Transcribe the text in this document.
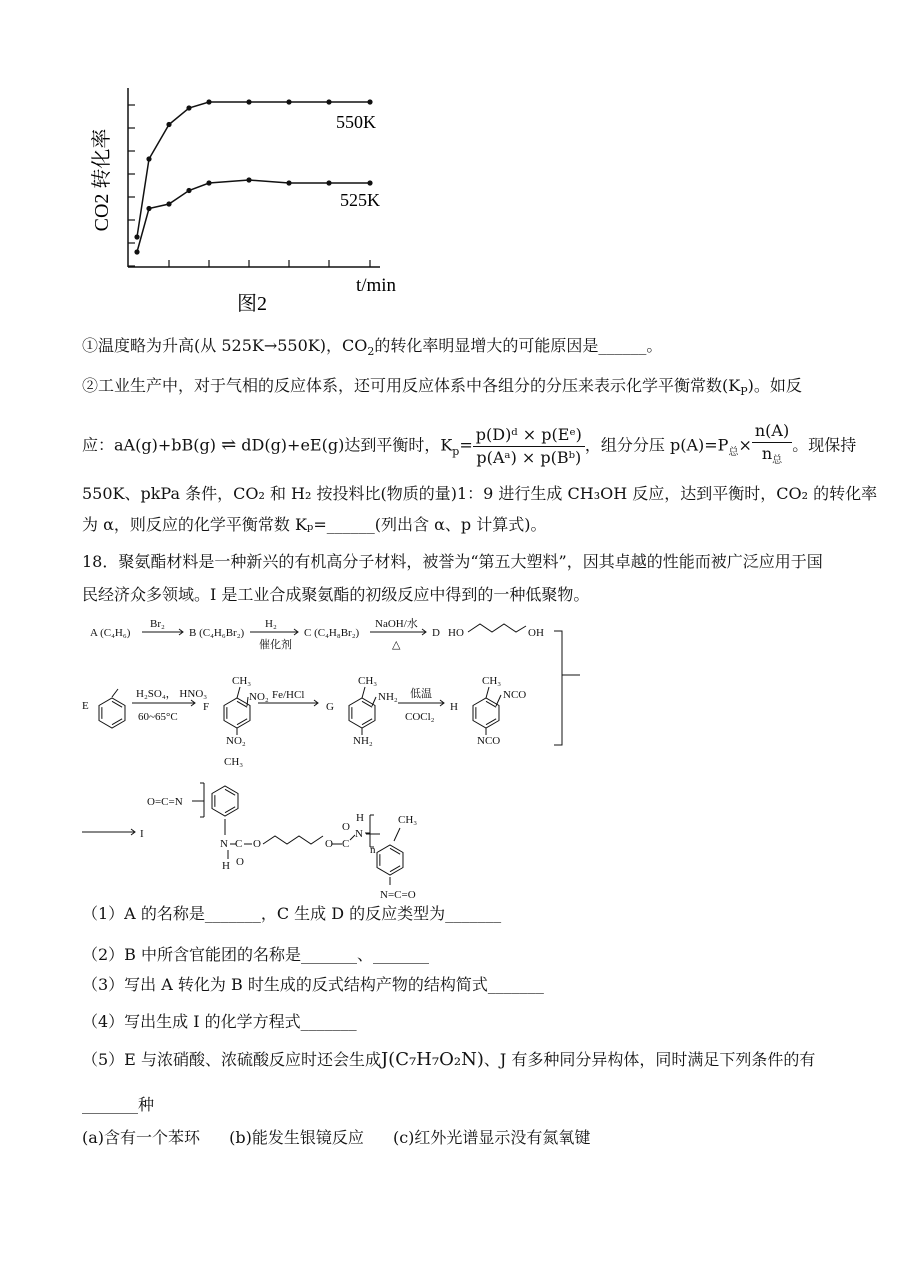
550K
525K
CO2 转化率
t/min
图2
①温度略为升高(从 525K→550K)，$CO_2$的转化率明显增大的可能原因是______。
②工业生产中，对于气相的反应体系，还可用反应体系中各组分的分压来表示化学平衡常数$(K_P)$。如反
应：aA(g)+bB(g) ⇌ dD(g)+eE(g)达到平衡时，$K_p= \frac{\text{p(D)ᵈ × p(Eᵉ)}}{\text{p(Aᵃ) × p(Bᵇ)}}$ ，组分分压 $p(A)=P_总\times \frac{n(A)}{n_总}$ 。现保持
550K、pkPa 条件，CO₂ 和 H₂ 按投料比(物质的量)1：9 进行生成 CH₃OH 反应，达到平衡时，CO₂ 的转化率
为 α，则反应的化学平衡常数 Kₚ=______(列出含 α、p 计算式)。
18．聚氨酯材料是一种新兴的有机高分子材料，被誉为“第五大塑料”，因其卓越的性能而被广泛应用于国
民经济众多领域。I 是工业合成聚氨酯的初级反应中得到的一种低聚物。
A (C₄H₆)
Br₂
B (C₄H₆Br₂)
H₂
催化剂
C (C₄H₈Br₂)
NaOH/水
△
D HO	OH
E
H₂SO₄， HNO₃
60~65°C
F
CH₃
NO₂
NO₂
Fe/HCl
G
CH₃
NH₂
NH₂
低温
COCl₂
H
CH₃
NCO
NCO
I
O=C=N
CH₃
N
H
C
O
O	O C
O
N
H
n
CH₃
N=C=O
（1）A 的名称是_______，C 生成 D 的反应类型为_______
（2）B 中所含官能团的名称是_______、_______
（3）写出 A 转化为 B 时生成的反式结构产物的结构简式_______
（4）写出生成 I 的化学方程式_______
（5）E 与浓硝酸、浓硫酸反应时还会生成J(C₇H₇O₂N)、J 有多种同分异构体，同时满足下列条件的有
_______种
(a)含有一个苯环 (b)能发生银镜反应 (c)红外光谱显示没有氮氧键
